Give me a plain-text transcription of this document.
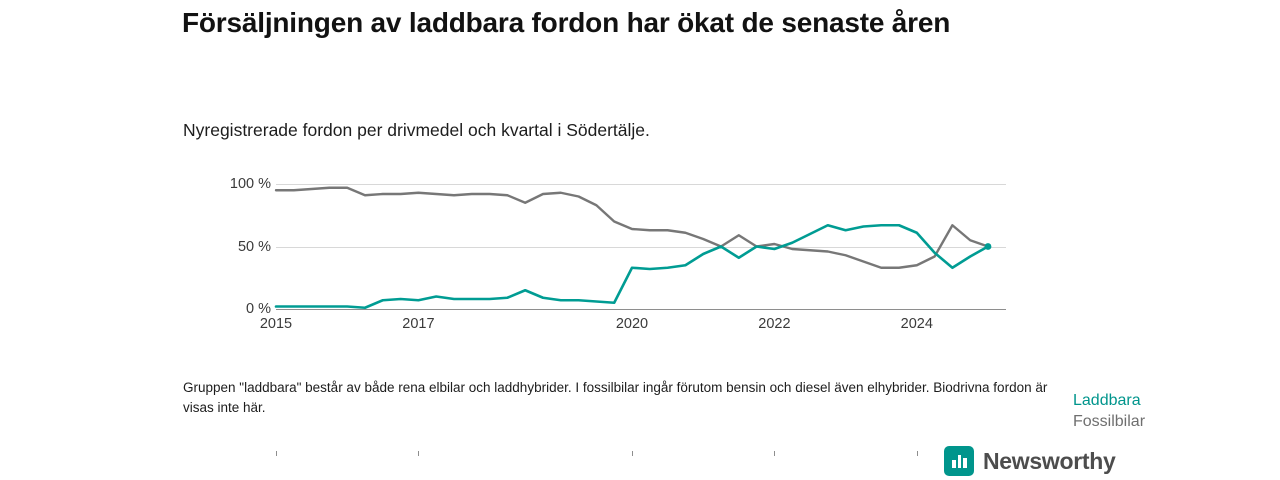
Försäljningen av laddbara fordon har ökat de senaste åren
Nyregistrerade fordon per drivmedel och kvartal i Södertälje.
100 %
50 %
0 %
2015	2017	2020	2022	2024
Laddbara
Fossilbilar
Gruppen "laddbara" består av både rena elbilar och laddhybrider. I fossilbilar ingår förutom bensin och diesel även elhybrider. Biodrivna fordon är visas inte här.
Newsworthy
